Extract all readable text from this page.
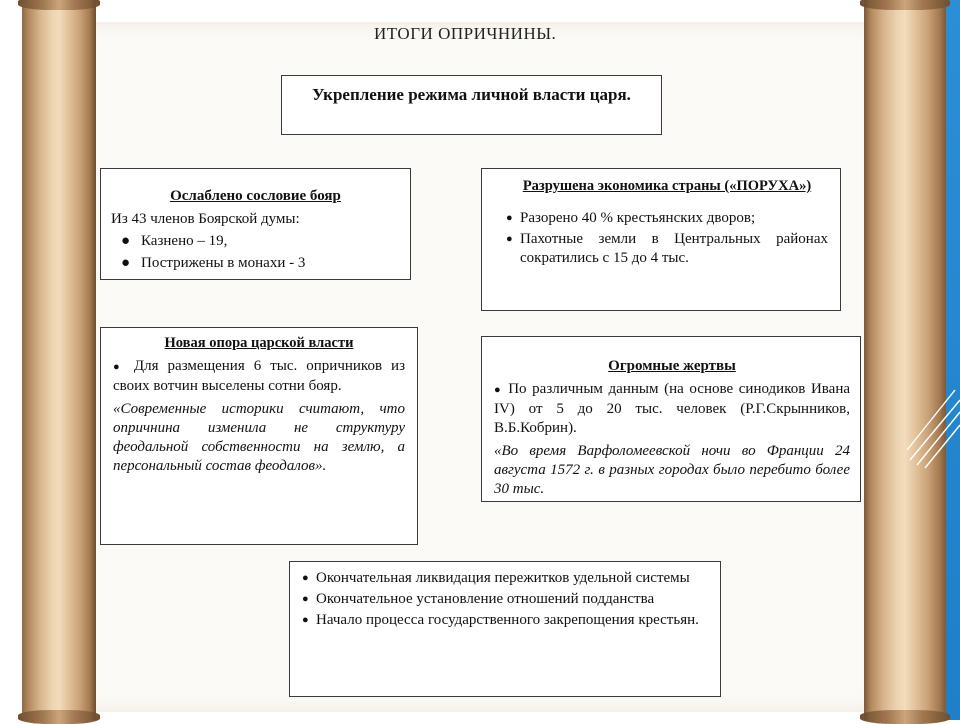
ИТОГИ ОПРИЧНИНЫ.
Укрепление режима личной власти царя.
Ослаблено сословие бояр
Из 43 членов Боярской думы:
● Казнено – 19,
● Пострижены в монахи - 3
Разрушена экономика страны («ПОРУХА»)
● Разорено 40 % крестьянских дворов;
● Пахотные земли в Центральных районах сократились с 15 до 4 тыс.
Новая опора царской власти

● Для размещения 6 тыс. опричников из своих вотчин выселены сотни бояр.

«Современные историки считают, что опричнина изменила не структуру феодальной собственности на землю, а персональный состав феодалов».

Огромные жертвы

● По различным данным (на основе синодиков Ивана IV) от 5 до 20 тыс. человек (Р.Г.Скрынников, В.Б.Кобрин).

«Во время Варфоломеевской ночи во Франции 24 августа 1572 г. в разных городах было перебито более 30 тыс.

● Окончательная ликвидация пережитков удельной системы
● Окончательное установление отношений подданства
● Начало процесса государственного закрепощения крестьян.
